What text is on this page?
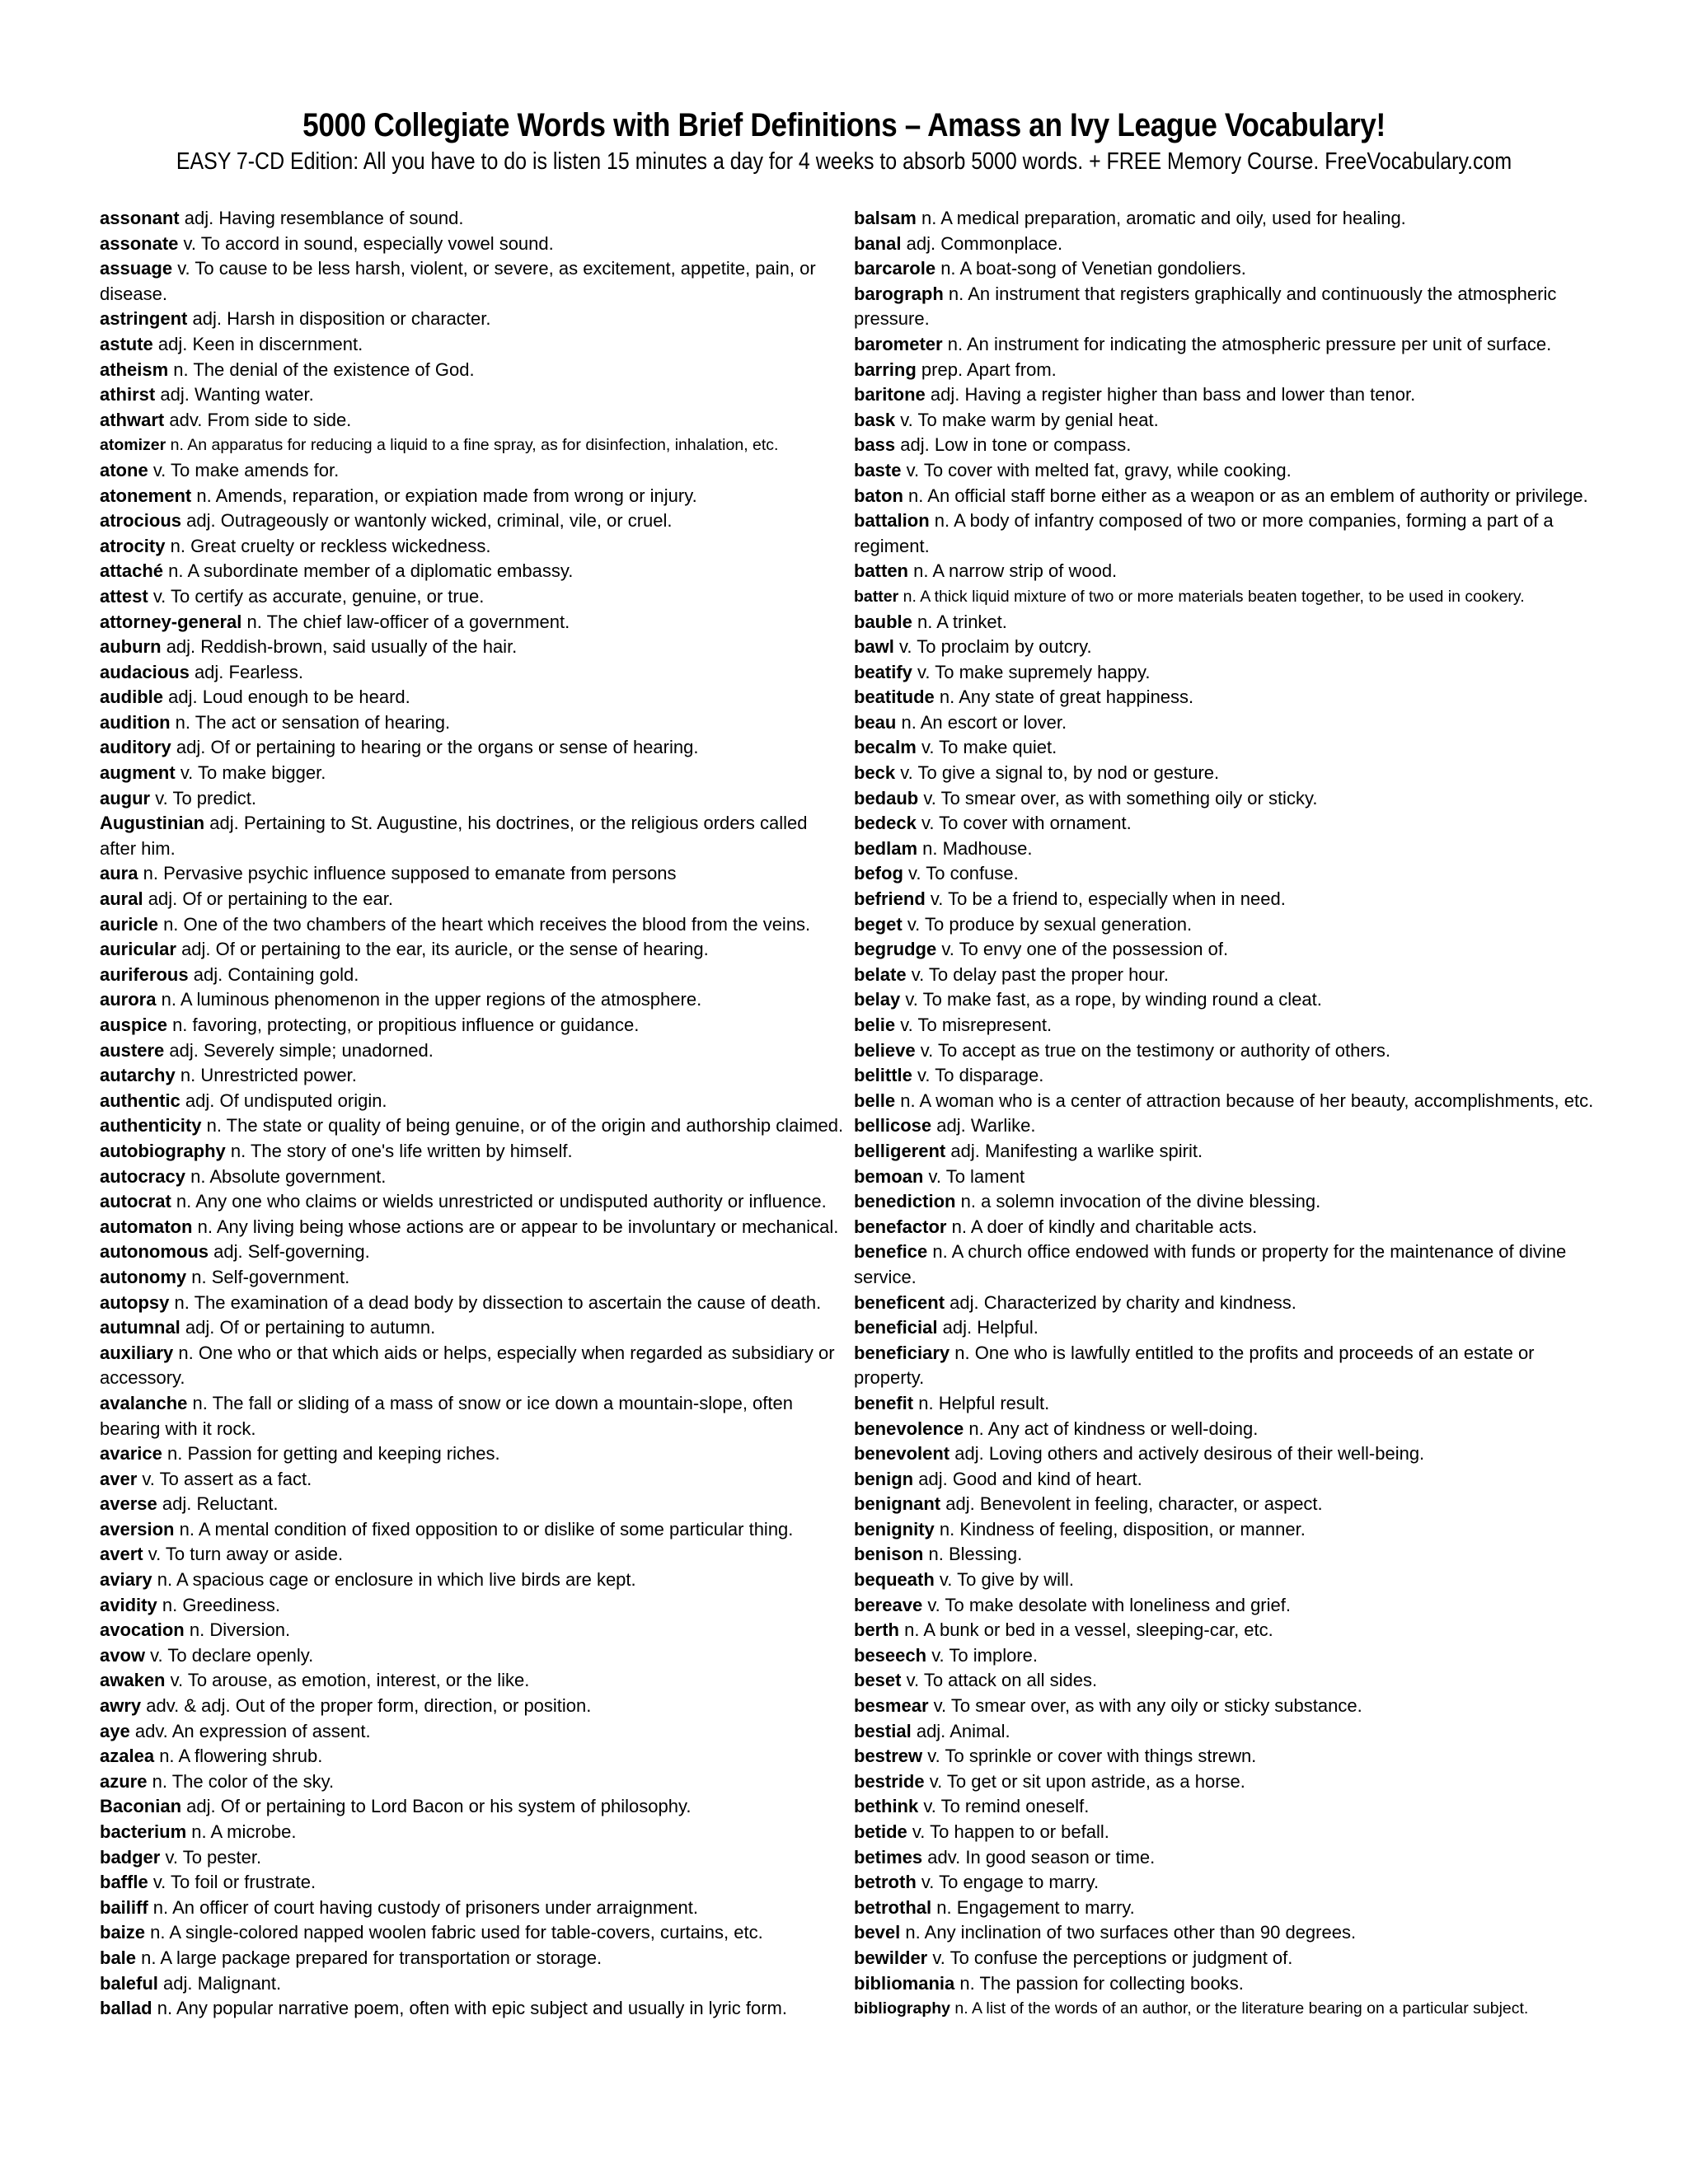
5000 Collegiate Words with Brief Definitions – Amass an Ivy League Vocabulary!
EASY 7-CD Edition: All you have to do is listen 15 minutes a day for 4 weeks to absorb 5000 words. + FREE Memory Course. FreeVocabulary.com

assonant adj. Having resemblance of sound.

assonate v. To accord in sound, especially vowel sound.

assuage v. To cause to be less harsh, violent, or severe, as excitement, appetite, pain, or disease.

astringent adj. Harsh in disposition or character.

astute adj. Keen in discernment.

atheism n. The denial of the existence of God.

athirst adj. Wanting water.

athwart adv. From side to side.

atomizer n. An apparatus for reducing a liquid to a fine spray, as for disinfection, inhalation, etc.

atone v. To make amends for.

atonement n. Amends, reparation, or expiation made from wrong or injury.

atrocious adj. Outrageously or wantonly wicked, criminal, vile, or cruel.

atrocity n. Great cruelty or reckless wickedness.

attaché n. A subordinate member of a diplomatic embassy.

attest v. To certify as accurate, genuine, or true.

attorney-general n. The chief law-officer of a government.

auburn adj. Reddish-brown, said usually of the hair.

audacious adj. Fearless.

audible adj. Loud enough to be heard.

audition n. The act or sensation of hearing.

auditory adj. Of or pertaining to hearing or the organs or sense of hearing.

augment v. To make bigger.

augur v. To predict.

Augustinian adj. Pertaining to St. Augustine, his doctrines, or the religious orders called after him.

aura n. Pervasive psychic influence supposed to emanate from persons

aural adj. Of or pertaining to the ear.

auricle n. One of the two chambers of the heart which receives the blood from the veins.

auricular adj. Of or pertaining to the ear, its auricle, or the sense of hearing.

auriferous adj. Containing gold.

aurora n. A luminous phenomenon in the upper regions of the atmosphere.

auspice n. favoring, protecting, or propitious influence or guidance.

austere adj. Severely simple; unadorned.

autarchy n. Unrestricted power.

authentic adj. Of undisputed origin.

authenticity n. The state or quality of being genuine, or of the origin and authorship claimed.

autobiography n. The story of one's life written by himself.

autocracy n. Absolute government.

autocrat n. Any one who claims or wields unrestricted or undisputed authority or influence.

automaton n. Any living being whose actions are or appear to be involuntary or mechanical.

autonomous adj. Self-governing.

autonomy n. Self-government.

autopsy n. The examination of a dead body by dissection to ascertain the cause of death.

autumnal adj. Of or pertaining to autumn.

auxiliary n. One who or that which aids or helps, especially when regarded as subsidiary or accessory.

avalanche n. The fall or sliding of a mass of snow or ice down a mountain-slope, often bearing with it rock.

avarice n. Passion for getting and keeping riches.

aver v. To assert as a fact.

averse adj. Reluctant.

aversion n. A mental condition of fixed opposition to or dislike of some particular thing.

avert v. To turn away or aside.

aviary n. A spacious cage or enclosure in which live birds are kept.

avidity n. Greediness.

avocation n. Diversion.

avow v. To declare openly.

awaken v. To arouse, as emotion, interest, or the like.

awry adv. & adj. Out of the proper form, direction, or position.

aye adv. An expression of assent.

azalea n. A flowering shrub.

azure n. The color of the sky.

Baconian adj. Of or pertaining to Lord Bacon or his system of philosophy.

bacterium n. A microbe.

badger v. To pester.

baffle v. To foil or frustrate.

bailiff n. An officer of court having custody of prisoners under arraignment.

baize n. A single-colored napped woolen fabric used for table-covers, curtains, etc.

bale n. A large package prepared for transportation or storage.

baleful adj. Malignant.

ballad n. Any popular narrative poem, often with epic subject and usually in lyric form.

balsam n. A medical preparation, aromatic and oily, used for healing.

banal adj. Commonplace.

barcarole n. A boat-song of Venetian gondoliers.

barograph n. An instrument that registers graphically and continuously the atmospheric pressure.

barometer n. An instrument for indicating the atmospheric pressure per unit of surface.

barring prep. Apart from.

baritone adj. Having a register higher than bass and lower than tenor.

bask v. To make warm by genial heat.

bass adj. Low in tone or compass.

baste v. To cover with melted fat, gravy, while cooking.

baton n. An official staff borne either as a weapon or as an emblem of authority or privilege.

battalion n. A body of infantry composed of two or more companies, forming a part of a regiment.

batten n. A narrow strip of wood.

batter n. A thick liquid mixture of two or more materials beaten together, to be used in cookery.

bauble n. A trinket.

bawl v. To proclaim by outcry.

beatify v. To make supremely happy.

beatitude n. Any state of great happiness.

beau n. An escort or lover.

becalm v. To make quiet.

beck v. To give a signal to, by nod or gesture.

bedaub v. To smear over, as with something oily or sticky.

bedeck v. To cover with ornament.

bedlam n. Madhouse.

befog v. To confuse.

befriend v. To be a friend to, especially when in need.

beget v. To produce by sexual generation.

begrudge v. To envy one of the possession of.

belate v. To delay past the proper hour.

belay v. To make fast, as a rope, by winding round a cleat.

belie v. To misrepresent.

believe v. To accept as true on the testimony or authority of others.

belittle v. To disparage.

belle n. A woman who is a center of attraction because of her beauty, accomplishments, etc.

bellicose adj. Warlike.

belligerent adj. Manifesting a warlike spirit.

bemoan v. To lament

benediction n. a solemn invocation of the divine blessing.

benefactor n. A doer of kindly and charitable acts.

benefice n. A church office endowed with funds or property for the maintenance of divine service.

beneficent adj. Characterized by charity and kindness.

beneficial adj. Helpful.

beneficiary n. One who is lawfully entitled to the profits and proceeds of an estate or property.

benefit n. Helpful result.

benevolence n. Any act of kindness or well-doing.

benevolent adj. Loving others and actively desirous of their well-being.

benign adj. Good and kind of heart.

benignant adj. Benevolent in feeling, character, or aspect.

benignity n. Kindness of feeling, disposition, or manner.

benison n. Blessing.

bequeath v. To give by will.

bereave v. To make desolate with loneliness and grief.

berth n. A bunk or bed in a vessel, sleeping-car, etc.

beseech v. To implore.

beset v. To attack on all sides.

besmear v. To smear over, as with any oily or sticky substance.

bestial adj. Animal.

bestrew v. To sprinkle or cover with things strewn.

bestride v. To get or sit upon astride, as a horse.

bethink v. To remind oneself.

betide v. To happen to or befall.

betimes adv. In good season or time.

betroth v. To engage to marry.

betrothal n. Engagement to marry.

bevel n. Any inclination of two surfaces other than 90 degrees.

bewilder v. To confuse the perceptions or judgment of.

bibliomania n. The passion for collecting books.

bibliography n. A list of the words of an author, or the literature bearing on a particular subject.
